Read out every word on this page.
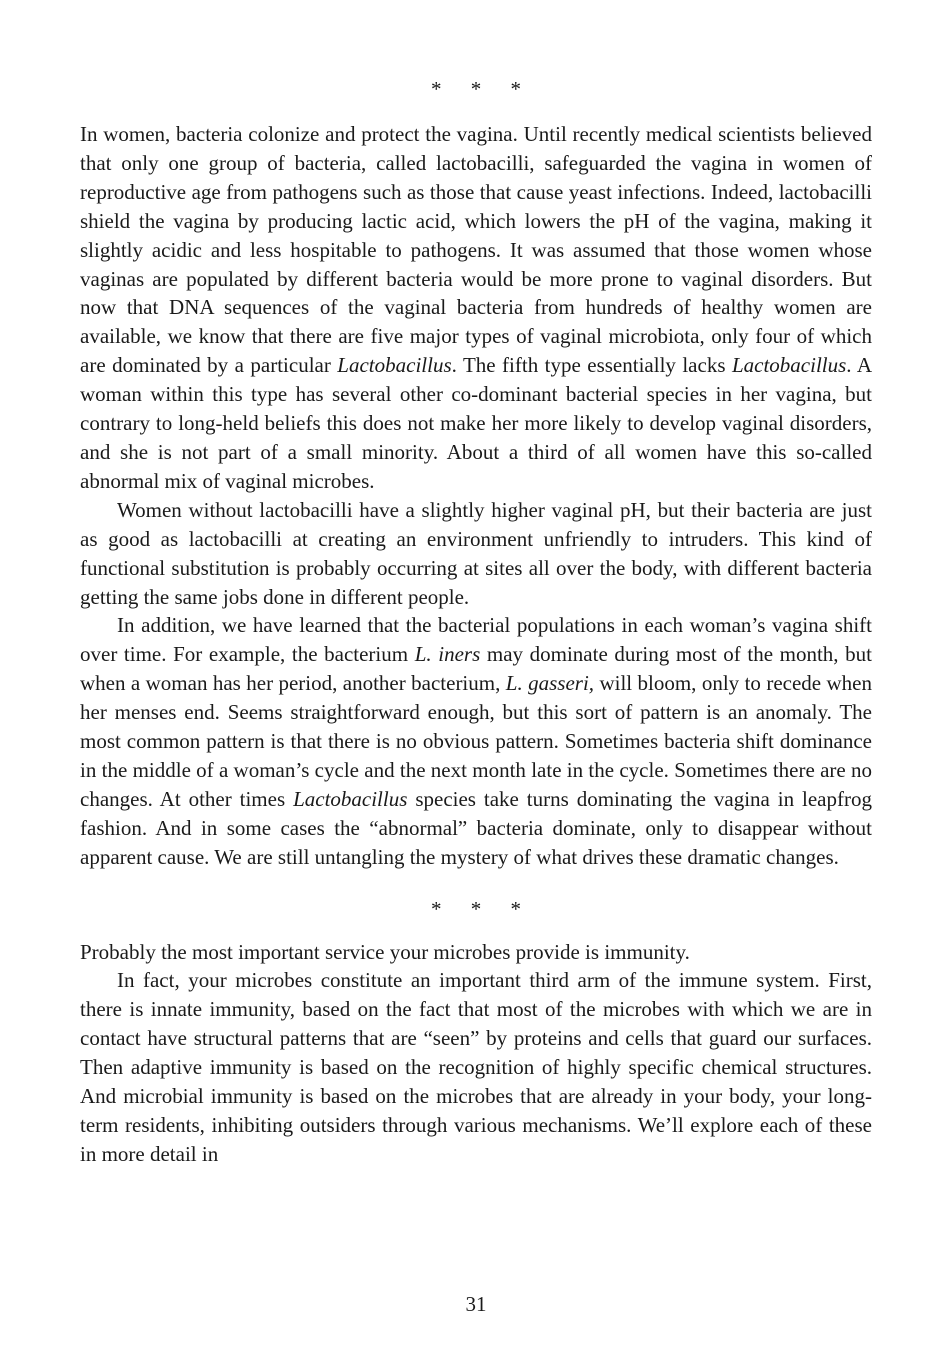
* * *

In women, bacteria colonize and protect the vagina. Until recently medical scientists believed that only one group of bacteria, called lactobacilli, safeguarded the vagina in women of reproductive age from pathogens such as those that cause yeast infections. Indeed, lactobacilli shield the vagina by producing lactic acid, which lowers the pH of the vagina, making it slightly acidic and less hospitable to pathogens. It was assumed that those women whose vaginas are populated by different bacteria would be more prone to vaginal disorders. But now that DNA sequences of the vaginal bacteria from hundreds of healthy women are available, we know that there are five major types of vaginal microbiota, only four of which are dominated by a particular Lactobacillus. The fifth type essentially lacks Lactobacillus. A woman within this type has several other co-dominant bacterial species in her vagina, but contrary to long-held beliefs this does not make her more likely to develop vaginal disorders, and she is not part of a small minority. About a third of all women have this so-called abnormal mix of vaginal microbes.

Women without lactobacilli have a slightly higher vaginal pH, but their bacteria are just as good as lactobacilli at creating an environment unfriendly to intruders. This kind of functional substitution is probably occurring at sites all over the body, with different bacteria getting the same jobs done in different people.

In addition, we have learned that the bacterial populations in each woman’s vagina shift over time. For example, the bacterium L. iners may dominate during most of the month, but when a woman has her period, another bacterium, L. gasseri, will bloom, only to recede when her menses end. Seems straightforward enough, but this sort of pattern is an anomaly. The most common pattern is that there is no obvious pattern. Sometimes bacteria shift dominance in the middle of a woman’s cycle and the next month late in the cycle. Sometimes there are no changes. At other times Lactobacillus species take turns dominating the vagina in leapfrog fashion. And in some cases the “abnormal” bacteria dominate, only to disappear without apparent cause. We are still untangling the mystery of what drives these dramatic changes.

* * *

Probably the most important service your microbes provide is immunity.

In fact, your microbes constitute an important third arm of the immune system. First, there is innate immunity, based on the fact that most of the microbes with which we are in contact have structural patterns that are “seen” by proteins and cells that guard our surfaces. Then adaptive immunity is based on the recognition of highly specific chemical structures. And microbial immunity is based on the microbes that are already in your body, your long-term residents, inhibiting outsiders through various mechanisms. We’ll explore each of these in more detail in

31
